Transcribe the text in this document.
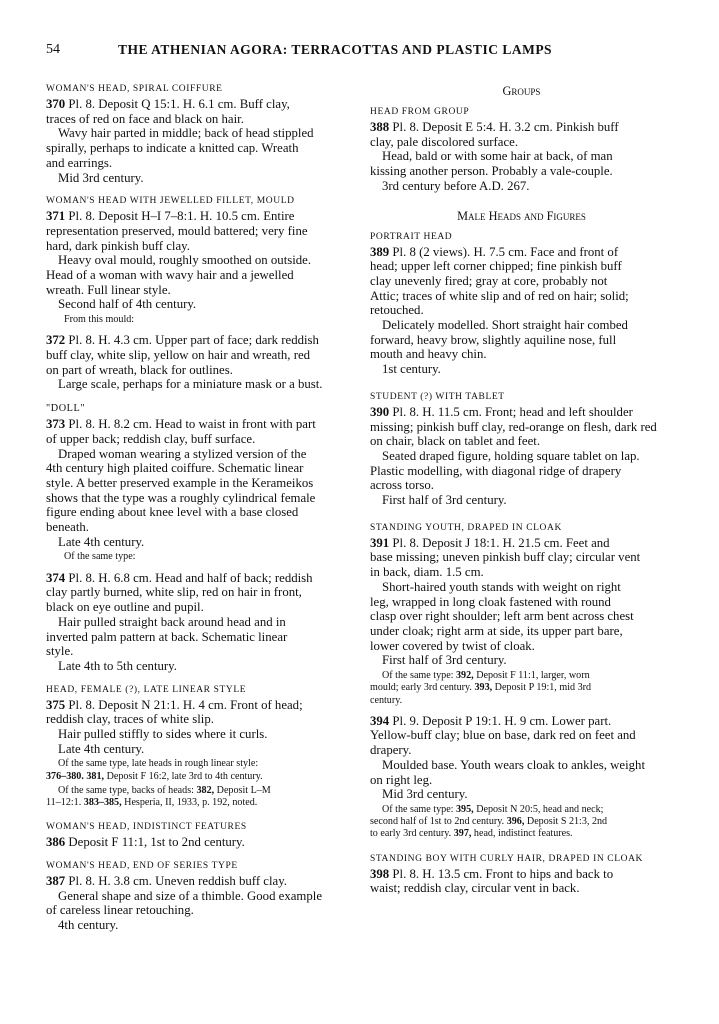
54	THE ATHENIAN AGORA: TERRACOTTAS AND PLASTIC LAMPS
WOMAN'S HEAD, SPIRAL COIFFURE

370 Pl. 8. Deposit Q 15:1. H. 6.1 cm. Buff clay,
traces of red on face and black on hair.

Wavy hair parted in middle; back of head stippled
spirally, perhaps to indicate a knitted cap. Wreath
and earrings.

Mid 3rd century.

WOMAN'S HEAD WITH JEWELLED FILLET, MOULD

371 Pl. 8. Deposit H–I 7–8:1. H. 10.5 cm. Entire
representation preserved, mould battered; very fine
hard, dark pinkish buff clay.

Heavy oval mould, roughly smoothed on outside.
Head of a woman with wavy hair and a jewelled
wreath. Full linear style.

Second half of 4th century.

From this mould:

372 Pl. 8. H. 4.3 cm. Upper part of face; dark reddish
buff clay, white slip, yellow on hair and wreath, red
on part of wreath, black for outlines.

Large scale, perhaps for a miniature mask or a bust.

"DOLL"

373 Pl. 8. H. 8.2 cm. Head to waist in front with part
of upper back; reddish clay, buff surface.

Draped woman wearing a stylized version of the
4th century high plaited coiffure. Schematic linear
style. A better preserved example in the Kerameikos
shows that the type was a roughly cylindrical female
figure ending about knee level with a base closed
beneath.

Late 4th century.

Of the same type:

374 Pl. 8. H. 6.8 cm. Head and half of back; reddish
clay partly burned, white slip, red on hair in front,
black on eye outline and pupil.

Hair pulled straight back around head and in
inverted palm pattern at back. Schematic linear
style.

Late 4th to 5th century.

HEAD, FEMALE (?), LATE LINEAR STYLE

375 Pl. 8. Deposit N 21:1. H. 4 cm. Front of head;
reddish clay, traces of white slip.

Hair pulled stiffly to sides where it curls.

Late 4th century.

Of the same type, late heads in rough linear style:
376–380. 381, Deposit F 16:2, late 3rd to 4th century.

Of the same type, backs of heads: 382, Deposit L–M
11–12:1. 383–385, Hesperia, II, 1933, p. 192, noted.

WOMAN'S HEAD, INDISTINCT FEATURES

386 Deposit F 11:1, 1st to 2nd century.

WOMAN'S HEAD, END OF SERIES TYPE

387 Pl. 8. H. 3.8 cm. Uneven reddish buff clay.

General shape and size of a thimble. Good example
of careless linear retouching.

4th century.

Groups
HEAD FROM GROUP

388 Pl. 8. Deposit E 5:4. H. 3.2 cm. Pinkish buff
clay, pale discolored surface.

Head, bald or with some hair at back, of man
kissing another person. Probably a vale-couple.

3rd century before A.D. 267.

Male Heads and Figures
PORTRAIT HEAD

389 Pl. 8 (2 views). H. 7.5 cm. Face and front of
head; upper left corner chipped; fine pinkish buff
clay unevenly fired; gray at core, probably not
Attic; traces of white slip and of red on hair; solid;
retouched.

Delicately modelled. Short straight hair combed
forward, heavy brow, slightly aquiline nose, full
mouth and heavy chin.

1st century.

STUDENT (?) WITH TABLET

390 Pl. 8. H. 11.5 cm. Front; head and left shoulder
missing; pinkish buff clay, red-orange on flesh, dark red
on chair, black on tablet and feet.

Seated draped figure, holding square tablet on lap.
Plastic modelling, with diagonal ridge of drapery
across torso.

First half of 3rd century.

STANDING YOUTH, DRAPED IN CLOAK

391 Pl. 8. Deposit J 18:1. H. 21.5 cm. Feet and
base missing; uneven pinkish buff clay; circular vent
in back, diam. 1.5 cm.

Short-haired youth stands with weight on right
leg, wrapped in long cloak fastened with round
clasp over right shoulder; left arm bent across chest
under cloak; right arm at side, its upper part bare,
lower covered by twist of cloak.

First half of 3rd century.

Of the same type: 392, Deposit F 11:1, larger, worn
mould; early 3rd century. 393, Deposit P 19:1, mid 3rd
century.

394 Pl. 9. Deposit P 19:1. H. 9 cm. Lower part.
Yellow-buff clay; blue on base, dark red on feet and
drapery.

Moulded base. Youth wears cloak to ankles, weight
on right leg.

Mid 3rd century.

Of the same type: 395, Deposit N 20:5, head and neck;
second half of 1st to 2nd century. 396, Deposit S 21:3, 2nd
to early 3rd century. 397, head, indistinct features.

STANDING BOY WITH CURLY HAIR, DRAPED IN CLOAK

398 Pl. 8. H. 13.5 cm. Front to hips and back to
waist; reddish clay, circular vent in back.
